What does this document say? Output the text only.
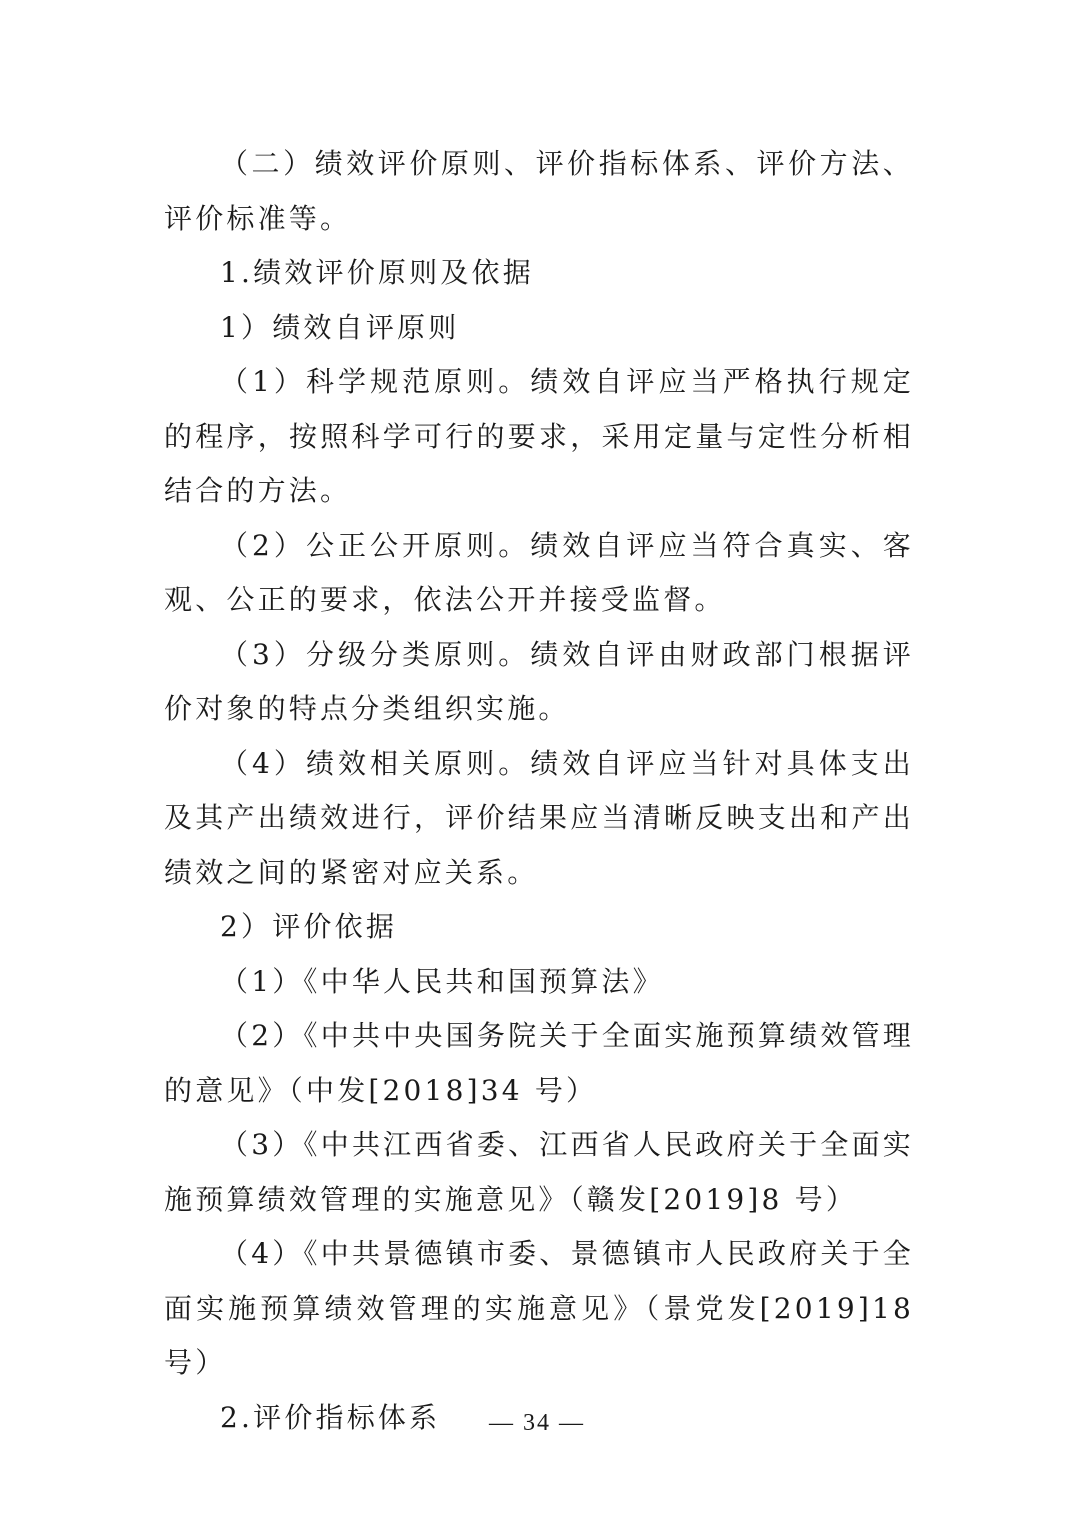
（二）绩效评价原则、评价指标体系、评价方法、评价标准等。

1.绩效评价原则及依据

1）绩效自评原则

（1）科学规范原则。绩效自评应当严格执行规定的程序，按照科学可行的要求，采用定量与定性分析相结合的方法。

（2）公正公开原则。绩效自评应当符合真实、客观、公正的要求，依法公开并接受监督。

（3）分级分类原则。绩效自评由财政部门根据评价对象的特点分类组织实施。

（4）绩效相关原则。绩效自评应当针对具体支出及其产出绩效进行，评价结果应当清晰反映支出和产出绩效之间的紧密对应关系。

2）评价依据

（1）《中华人民共和国预算法》

（2）《中共中央国务院关于全面实施预算绩效管理的意见》（中发[2018]34 号）

（3）《中共江西省委、江西省人民政府关于全面实施预算绩效管理的实施意见》（赣发[2019]8 号）

（4）《中共景德镇市委、景德镇市人民政府关于全面实施预算绩效管理的实施意见》（景党发[2019]18 号）

2.评价指标体系	— 34 —
